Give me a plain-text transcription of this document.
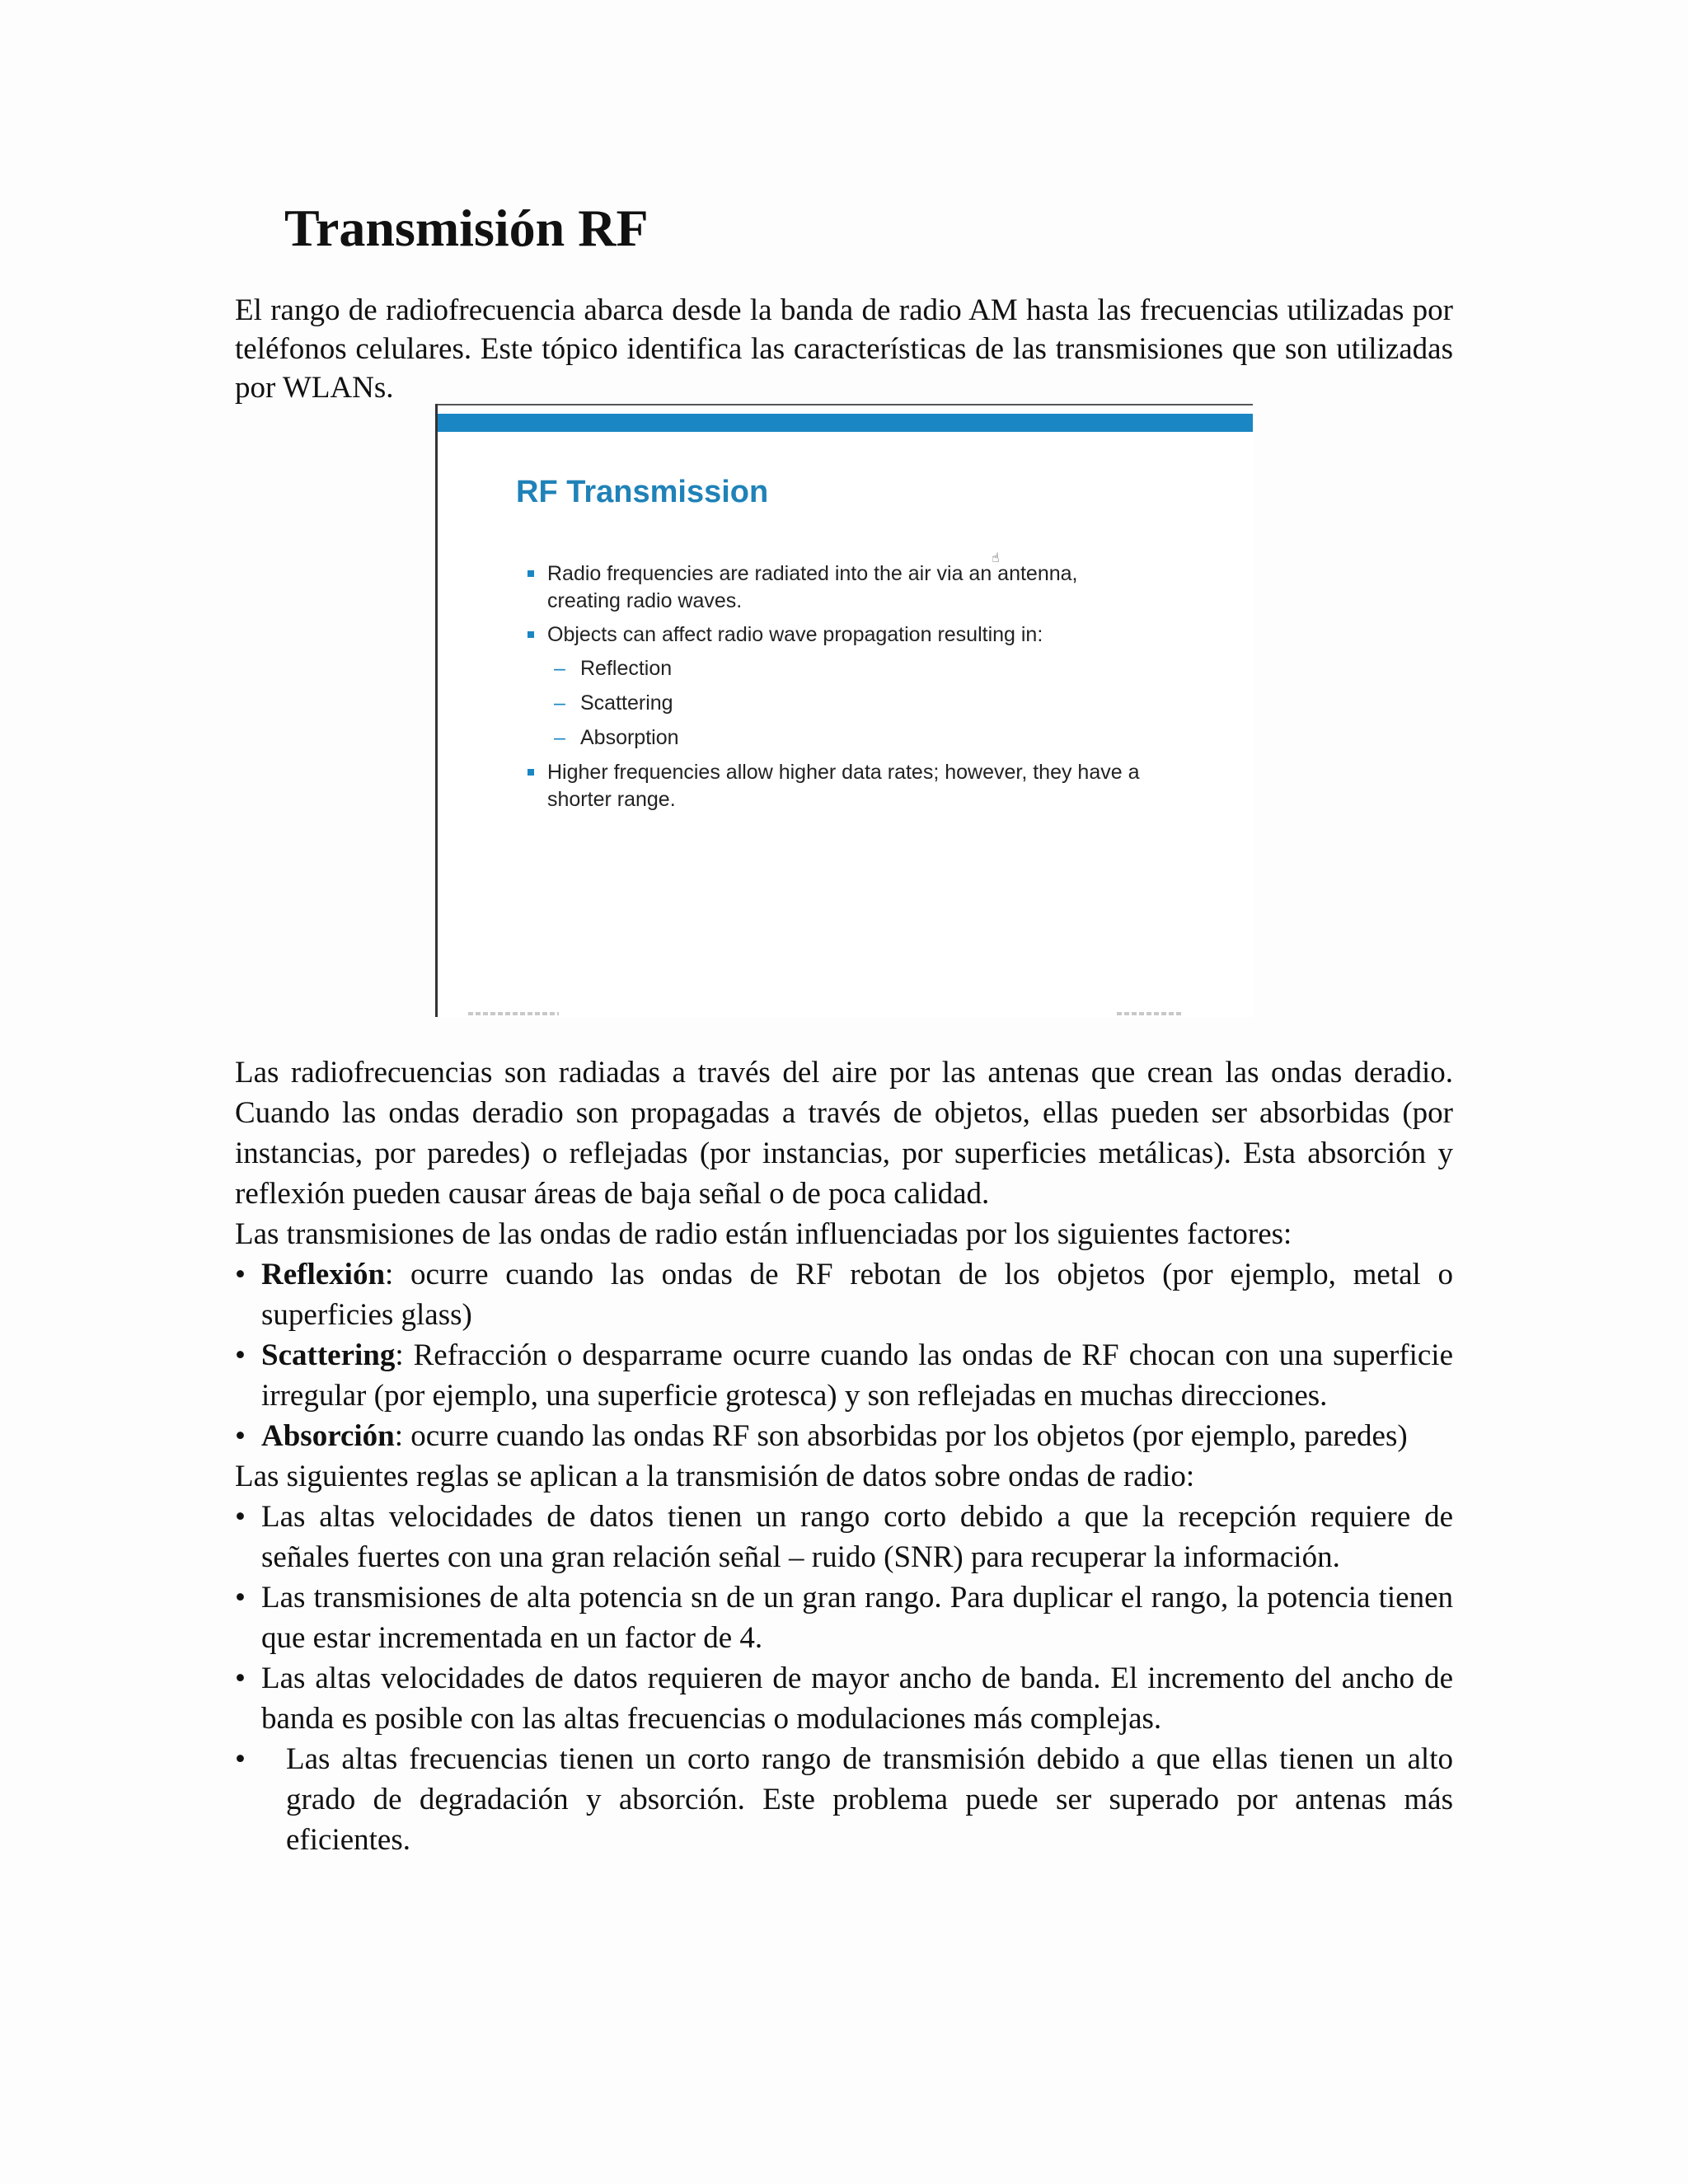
Transmisión RF

El rango de radiofrecuencia abarca desde la banda de radio AM hasta las frecuencias utilizadas por teléfonos celulares. Este tópico identifica las características de las transmisiones que son utilizadas por WLANs.

RF Transmission
☝
Radio frequencies are radiated into the air via an antenna, creating radio waves.
Objects can affect radio wave propagation resulting in:
– Reflection
– Scattering
– Absorption
Higher frequencies allow higher data rates; however, they have a shorter range.

Las radiofrecuencias son radiadas a través del aire por las antenas que crean las ondas deradio. Cuando las ondas deradio son propagadas a través de objetos, ellas pueden ser absorbidas (por instancias, por paredes) o reflejadas (por instancias, por superficies metálicas). Esta absorción y reflexión pueden causar áreas de baja señal o de poca calidad.

Las transmisiones de las ondas de radio están influenciadas por los siguientes factores:

• Reflexión: ocurre cuando las ondas de RF rebotan de los objetos (por ejemplo, metal o superficies glass)
• Scattering: Refracción o desparrame ocurre cuando las ondas de RF chocan con una superficie irregular (por ejemplo, una superficie grotesca) y son reflejadas en muchas direcciones.
• Absorción: ocurre cuando las ondas RF son absorbidas por los objetos (por ejemplo, paredes)

Las siguientes reglas se aplican a la transmisión de datos sobre ondas de radio:

• Las altas velocidades de datos tienen un rango corto debido a que la recepción requiere de señales fuertes con una gran relación señal – ruido (SNR) para recuperar la información.
• Las transmisiones de alta potencia sn de un gran rango. Para duplicar el rango, la potencia tienen que estar incrementada en un factor de 4.
• Las altas velocidades de datos requieren de mayor ancho de banda. El incremento del ancho de banda es posible con las altas frecuencias o modulaciones más complejas.
• Las altas frecuencias tienen un corto rango de transmisión debido a que ellas tienen un alto grado de degradación y absorción. Este problema puede ser superado por antenas más eficientes.
